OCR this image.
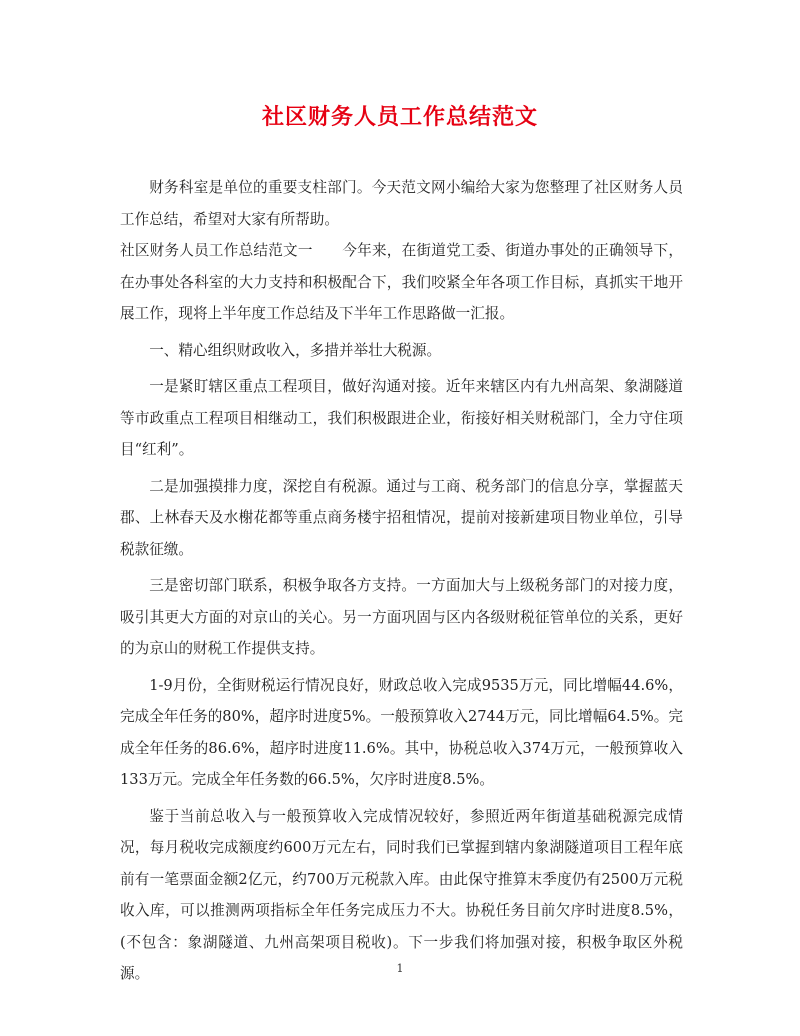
社区财务人员工作总结范文

财务科室是单位的重要支柱部门。今天范文网小编给大家为您整理了社区财务人员工作总结，希望对大家有所帮助。

社区财务人员工作总结范文一　　今年来，在街道党工委、街道办事处的正确领导下，在办事处各科室的大力支持和积极配合下，我们咬紧全年各项工作目标，真抓实干地开展工作，现将上半年度工作总结及下半年工作思路做一汇报。

一、精心组织财政收入，多措并举壮大税源。

一是紧盯辖区重点工程项目，做好沟通对接。近年来辖区内有九州高架、象湖隧道等市政重点工程项目相继动工，我们积极跟进企业，衔接好相关财税部门，全力守住项目“红利”。

二是加强摸排力度，深挖自有税源。通过与工商、税务部门的信息分享，掌握蓝天郡、上林春天及水榭花都等重点商务楼宇招租情况，提前对接新建项目物业单位，引导税款征缴。

三是密切部门联系，积极争取各方支持。一方面加大与上级税务部门的对接力度，吸引其更大方面的对京山的关心。另一方面巩固与区内各级财税征管单位的关系，更好的为京山的财税工作提供支持。

1-9月份，全街财税运行情况良好，财政总收入完成9535万元，同比增幅44.6%，完成全年任务的80%，超序时进度5%。一般预算收入2744万元，同比增幅64.5%。完成全年任务的86.6%，超序时进度11.6%。其中，协税总收入374万元，一般预算收入133万元。完成全年任务数的66.5%，欠序时进度8.5%。

鉴于当前总收入与一般预算收入完成情况较好，参照近两年街道基础税源完成情况，每月税收完成额度约600万元左右，同时我们已掌握到辖内象湖隧道项目工程年底前有一笔票面金额2亿元，约700万元税款入库。由此保守推算末季度仍有2500万元税收入库，可以推测两项指标全年任务完成压力不大。协税任务目前欠序时进度8.5%，(不包含：象湖隧道、九州高架项目税收)。下一步我们将加强对接，积极争取区外税源。	1
